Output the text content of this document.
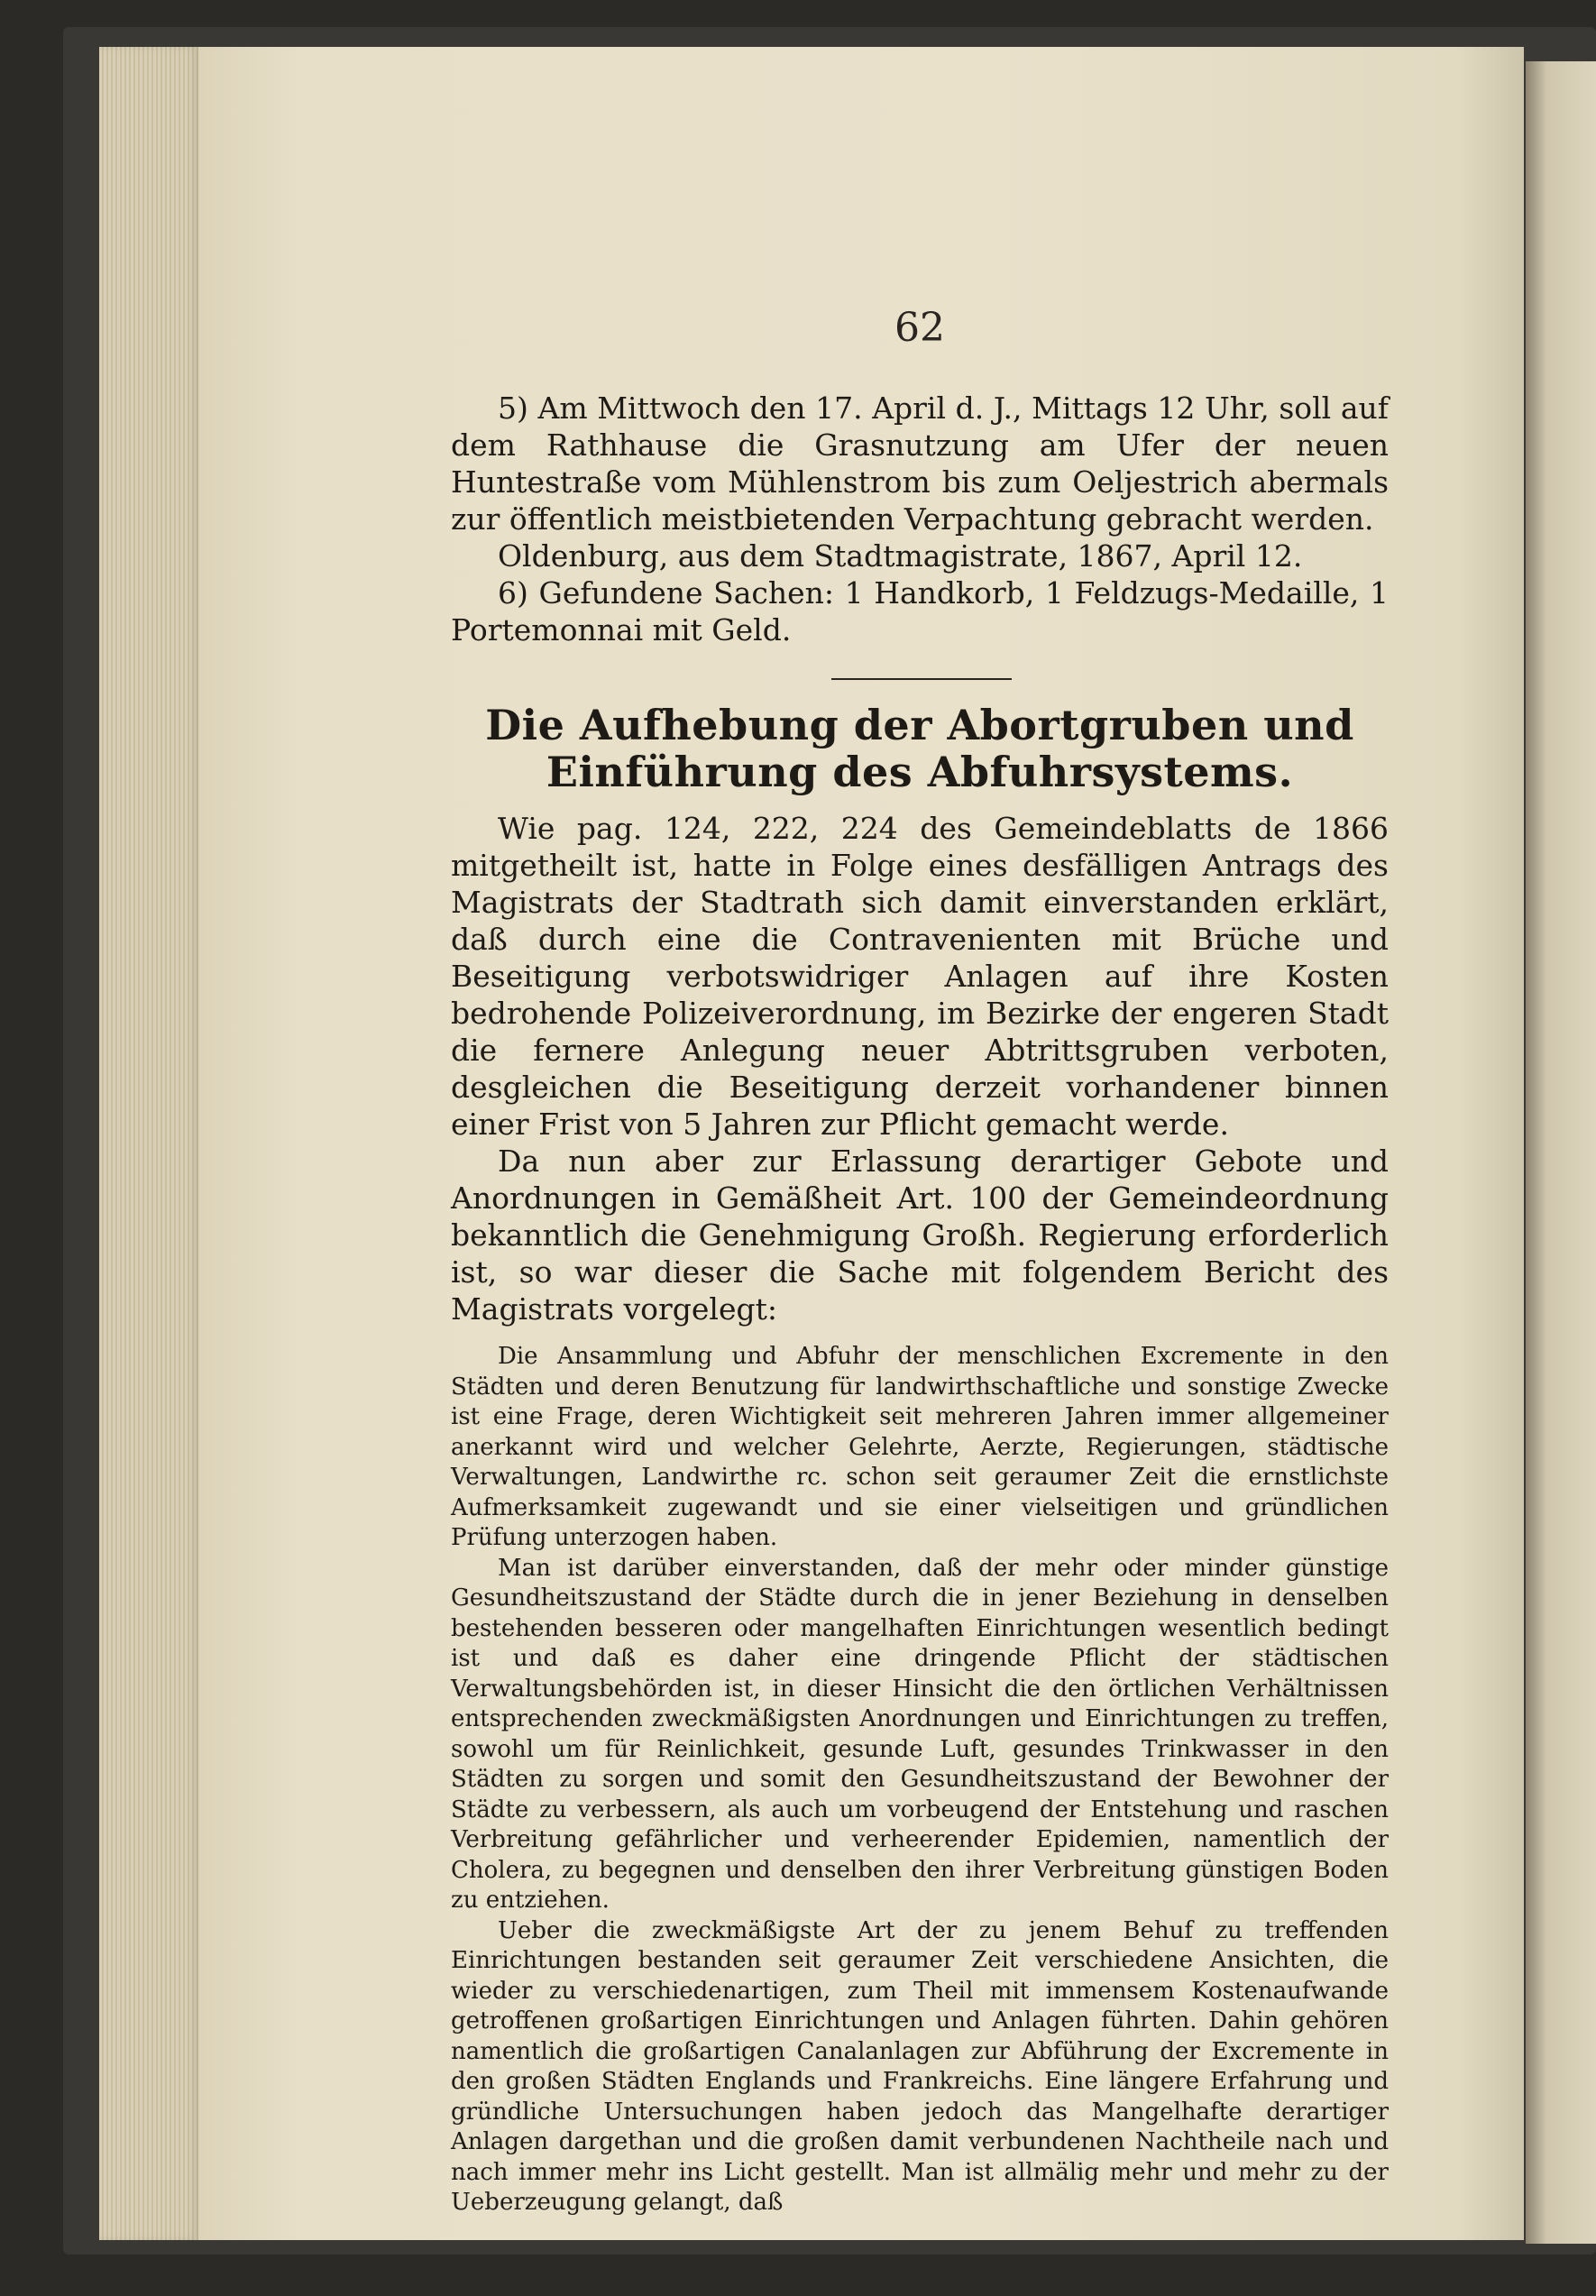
62

5) Am Mittwoch den 17. April d. J., Mittags 12 Uhr, soll auf dem Rathhause die Grasnutzung am Ufer der neuen Huntestraße vom Mühlenstrom bis zum Oeljestrich abermals zur öffentlich meistbietenden Verpachtung gebracht werden.

Oldenburg, aus dem Stadtmagistrate, 1867, April 12.

6) Gefundene Sachen: 1 Handkorb, 1 Feldzugs-Medaille, 1 Portemonnai mit Geld.

Die Aufhebung der Abortgruben und Einführung des Abfuhrsystems.

Wie pag. 124, 222, 224 des Gemeindeblatts de 1866 mitgetheilt ist, hatte in Folge eines desfälligen Antrags des Magistrats der Stadtrath sich damit einverstanden erklärt, daß durch eine die Contravenienten mit Brüche und Beseitigung verbotswidriger Anlagen auf ihre Kosten bedrohende Polizeiverordnung, im Bezirke der engeren Stadt die fernere Anlegung neuer Abtrittsgruben verboten, desgleichen die Beseitigung derzeit vorhandener binnen einer Frist von 5 Jahren zur Pflicht gemacht werde.

Da nun aber zur Erlassung derartiger Gebote und Anordnungen in Gemäßheit Art. 100 der Gemeindeordnung bekanntlich die Genehmigung Großh. Regierung erforderlich ist, so war dieser die Sache mit folgendem Bericht des Magistrats vorgelegt:

Die Ansammlung und Abfuhr der menschlichen Excremente in den Städten und deren Benutzung für landwirthschaftliche und sonstige Zwecke ist eine Frage, deren Wichtigkeit seit mehreren Jahren immer allgemeiner anerkannt wird und welcher Gelehrte, Aerzte, Regierungen, städtische Verwaltungen, Landwirthe rc. schon seit geraumer Zeit die ernstlichste Aufmerksamkeit zugewandt und sie einer vielseitigen und gründlichen Prüfung unterzogen haben.

Man ist darüber einverstanden, daß der mehr oder minder günstige Gesundheitszustand der Städte durch die in jener Beziehung in denselben bestehenden besseren oder mangelhaften Einrichtungen wesentlich bedingt ist und daß es daher eine dringende Pflicht der städtischen Verwaltungsbehörden ist, in dieser Hinsicht die den örtlichen Verhältnissen entsprechenden zweckmäßigsten Anordnungen und Einrichtungen zu treffen, sowohl um für Reinlichkeit, gesunde Luft, gesundes Trinkwasser in den Städten zu sorgen und somit den Gesundheitszustand der Bewohner der Städte zu verbessern, als auch um vorbeugend der Entstehung und raschen Verbreitung gefährlicher und verheerender Epidemien, namentlich der Cholera, zu begegnen und denselben den ihrer Verbreitung günstigen Boden zu entziehen.

Ueber die zweckmäßigste Art der zu jenem Behuf zu treffenden Einrichtungen bestanden seit geraumer Zeit verschiedene Ansichten, die wieder zu verschiedenartigen, zum Theil mit immensem Kostenaufwande getroffenen großartigen Einrichtungen und Anlagen führten. Dahin gehören namentlich die großartigen Canalanlagen zur Abführung der Excremente in den großen Städten Englands und Frankreichs. Eine längere Erfahrung und gründliche Untersuchungen haben jedoch das Mangelhafte derartiger Anlagen dargethan und die großen damit verbundenen Nachtheile nach und nach immer mehr ins Licht gestellt. Man ist allmälig mehr und mehr zu der Ueberzeugung gelangt, daß
